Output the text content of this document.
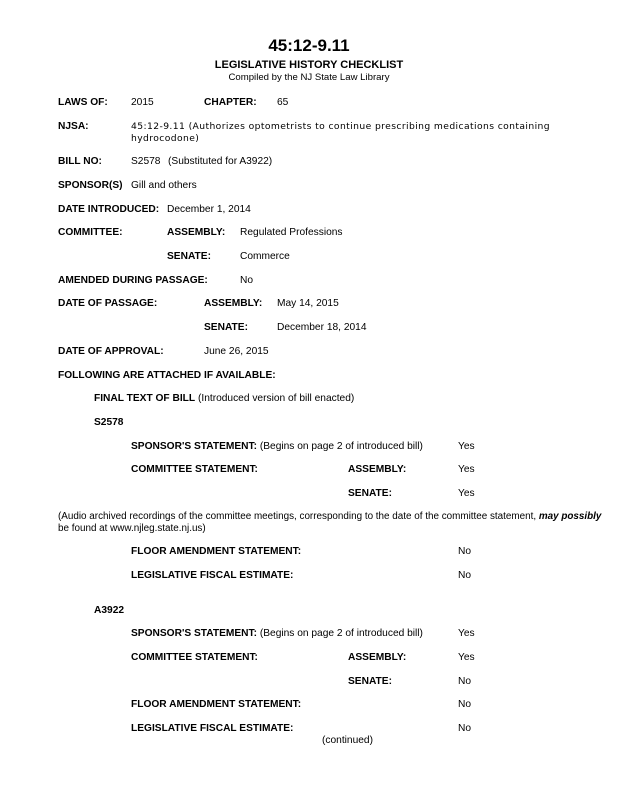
45:12-9.11
LEGISLATIVE HISTORY CHECKLIST
Compiled by the NJ State Law Library
LAWS OF: 2015	CHAPTER: 65
NJSA:	45:12-9.11 (Authorizes optometrists to continue prescribing medications containing
hydrocodone)
BILL NO:	S2578 (Substituted for A3922)
SPONSOR(S) Gill and others
DATE INTRODUCED: December 1, 2014
COMMITTEE:	ASSEMBLY: Regulated Professions
SENATE:	Commerce
AMENDED DURING PASSAGE:	No
DATE OF PASSAGE:	ASSEMBLY: May 14, 2015
SENATE:	December 18, 2014
DATE OF APPROVAL:	June 26, 2015
FOLLOWING ARE ATTACHED IF AVAILABLE:
FINAL TEXT OF BILL (Introduced version of bill enacted)
S2578
SPONSOR'S STATEMENT: (Begins on page 2 of introduced bill)	Yes
COMMITTEE STATEMENT:	ASSEMBLY:	Yes
SENATE:	Yes
(Audio archived recordings of the committee meetings, corresponding to the date of the committee statement, may possibly
be found at www.njleg.state.nj.us)
FLOOR AMENDMENT STATEMENT:	No
LEGISLATIVE FISCAL ESTIMATE:	No
A3922
SPONSOR'S STATEMENT: (Begins on page 2 of introduced bill)	Yes
COMMITTEE STATEMENT:	ASSEMBLY:	Yes
SENATE:	No
FLOOR AMENDMENT STATEMENT:	No
LEGISLATIVE FISCAL ESTIMATE:	No
(continued)
